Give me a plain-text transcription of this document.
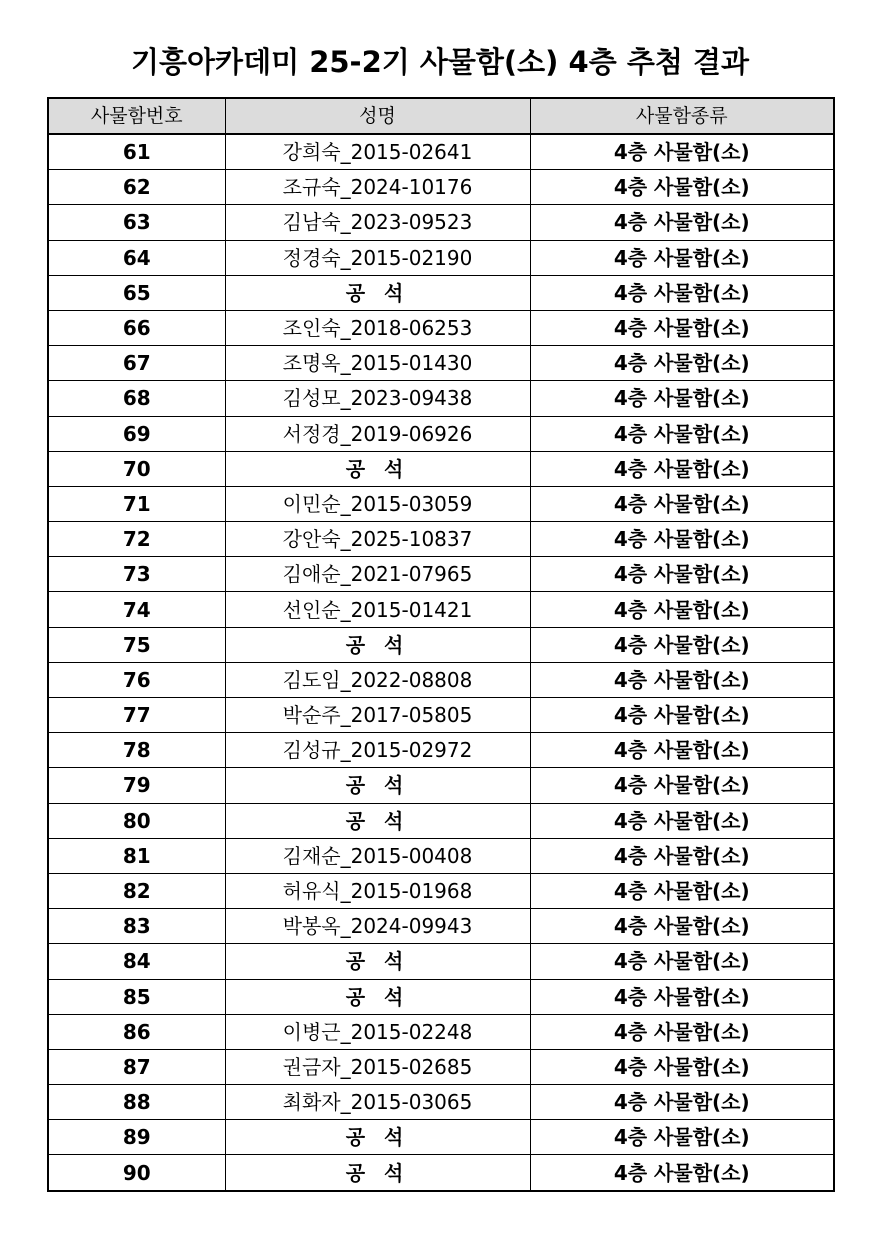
기흥아카데미 25-2기 사물함(소) 4층 추첨 결과
사물함번호	성명	사물함종류
61	강희숙_2015-02641	4층 사물함(소)
62	조규숙_2024-10176	4층 사물함(소)
63	김남숙_2023-09523	4층 사물함(소)
64	정경숙_2015-02190	4층 사물함(소)
65	공 석	4층 사물함(소)
66	조인숙_2018-06253	4층 사물함(소)
67	조명옥_2015-01430	4층 사물함(소)
68	김성모_2023-09438	4층 사물함(소)
69	서정경_2019-06926	4층 사물함(소)
70	공 석	4층 사물함(소)
71	이민순_2015-03059	4층 사물함(소)
72	강안숙_2025-10837	4층 사물함(소)
73	김애순_2021-07965	4층 사물함(소)
74	선인순_2015-01421	4층 사물함(소)
75	공 석	4층 사물함(소)
76	김도임_2022-08808	4층 사물함(소)
77	박순주_2017-05805	4층 사물함(소)
78	김성규_2015-02972	4층 사물함(소)
79	공 석	4층 사물함(소)
80	공 석	4층 사물함(소)
81	김재순_2015-00408	4층 사물함(소)
82	허유식_2015-01968	4층 사물함(소)
83	박봉옥_2024-09943	4층 사물함(소)
84	공 석	4층 사물함(소)
85	공 석	4층 사물함(소)
86	이병근_2015-02248	4층 사물함(소)
87	권금자_2015-02685	4층 사물함(소)
88	최화자_2015-03065	4층 사물함(소)
89	공 석	4층 사물함(소)
90	공 석	4층 사물함(소)
